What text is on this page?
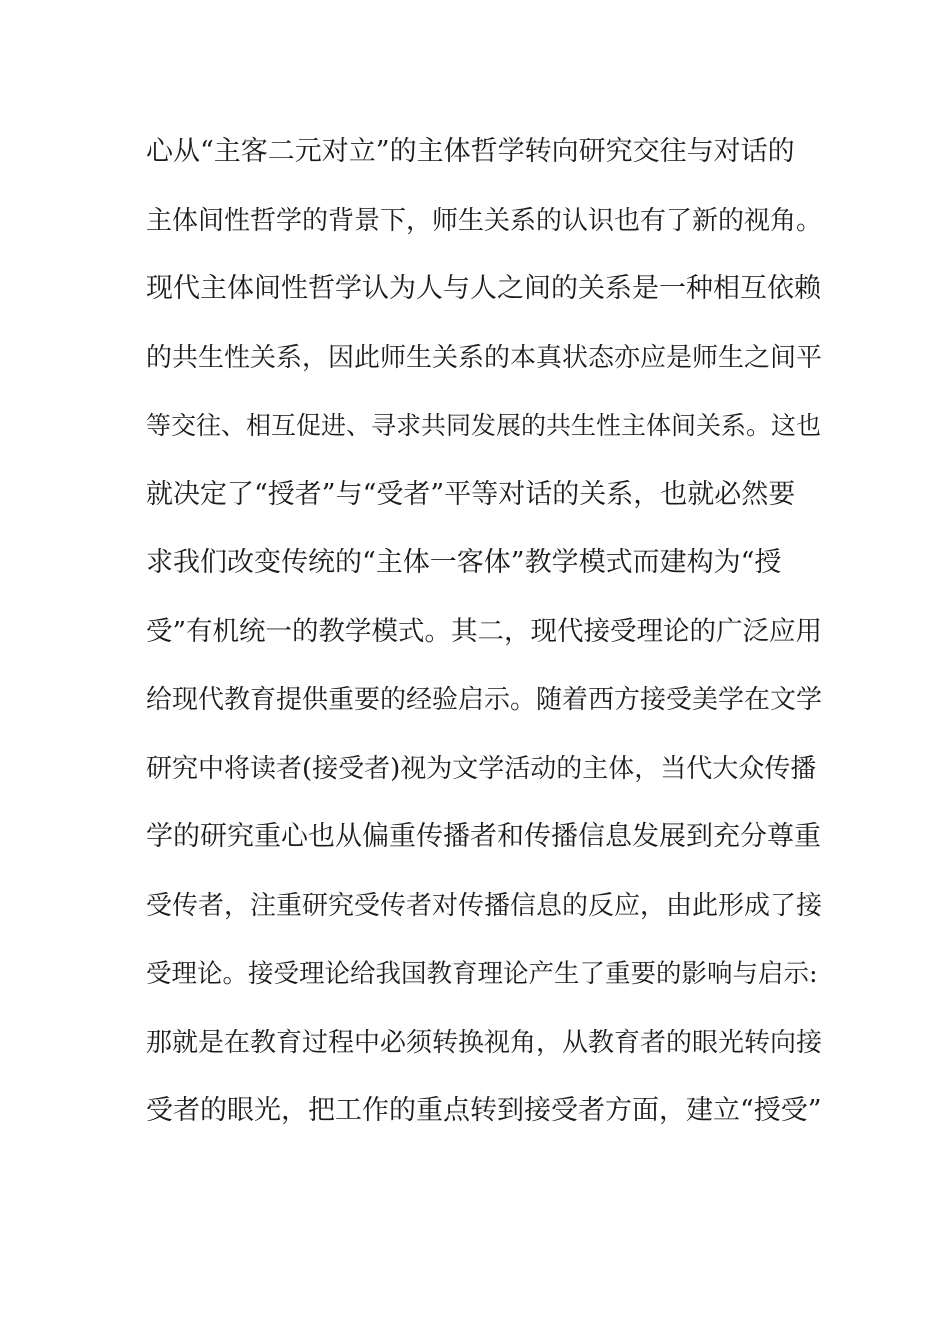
心从“主客二元对立”的主体哲学转向研究交往与对话的
主体间性哲学的背景下，师生关系的认识也有了新的视角。
现代主体间性哲学认为人与人之间的关系是一种相互依赖
的共生性关系，因此师生关系的本真状态亦应是师生之间平
等交往、相互促进、寻求共同发展的共生性主体间关系。这也
就决定了“授者”与“受者”平等对话的关系，也就必然要
求我们改变传统的“主体一客体”教学模式而建构为“授
受”有机统一的教学模式。其二，现代接受理论的广泛应用
给现代教育提供重要的经验启示。随着西方接受美学在文学
研究中将读者(接受者)视为文学活动的主体，当代大众传播
学的研究重心也从偏重传播者和传播信息发展到充分尊重
受传者，注重研究受传者对传播信息的反应，由此形成了接
受理论。接受理论给我国教育理论产生了重要的影响与启示:
那就是在教育过程中必须转换视角，从教育者的眼光转向接
受者的眼光，把工作的重点转到接受者方面，建立“授受”
